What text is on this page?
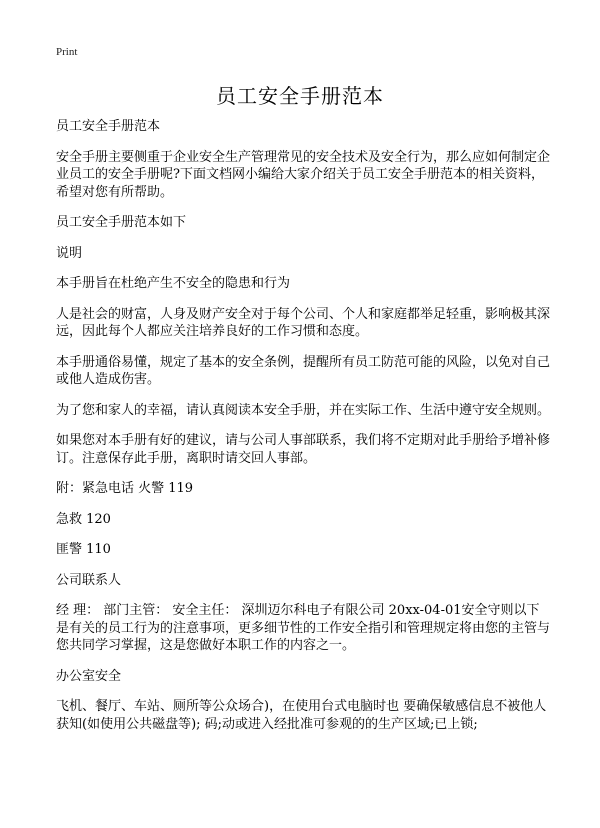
Print
员工安全手册范本

员工安全手册范本

安全手册主要侧重于企业安全生产管理常见的安全技术及安全行为，那么应如何制定企业员工的安全手册呢?下面文档网小编给大家介绍关于员工安全手册范本的相关资料，希望对您有所帮助。

员工安全手册范本如下

说明

本手册旨在杜绝产生不安全的隐患和行为

人是社会的财富，人身及财产安全对于每个公司、个人和家庭都举足轻重，影响极其深远，因此每个人都应关注培养良好的工作习惯和态度。

本手册通俗易懂，规定了基本的安全条例，提醒所有员工防范可能的风险，以免对自己或他人造成伤害。

为了您和家人的幸福，请认真阅读本安全手册，并在实际工作、生活中遵守安全规则。

如果您对本手册有好的建议，请与公司人事部联系，我们将不定期对此手册给予增补修订。注意保存此手册，离职时请交回人事部。

附：紧急电话 火警 119

急救 120

匪警 110

公司联系人

经 理： 部门主管： 安全主任： 深圳迈尔科电子有限公司 20xx-04-01安全守则以下是有关的员工行为的注意事项，更多细节性的工作安全指引和管理规定将由您的主管与您共同学习掌握，这是您做好本职工作的内容之一。

办公室安全

飞机、餐厅、车站、厕所等公众场合)，在使用台式电脑时也 要确保敏感信息不被他人获知(如使用公共磁盘等); 码;动或进入经批准可参观的的生产区域;已上锁;
